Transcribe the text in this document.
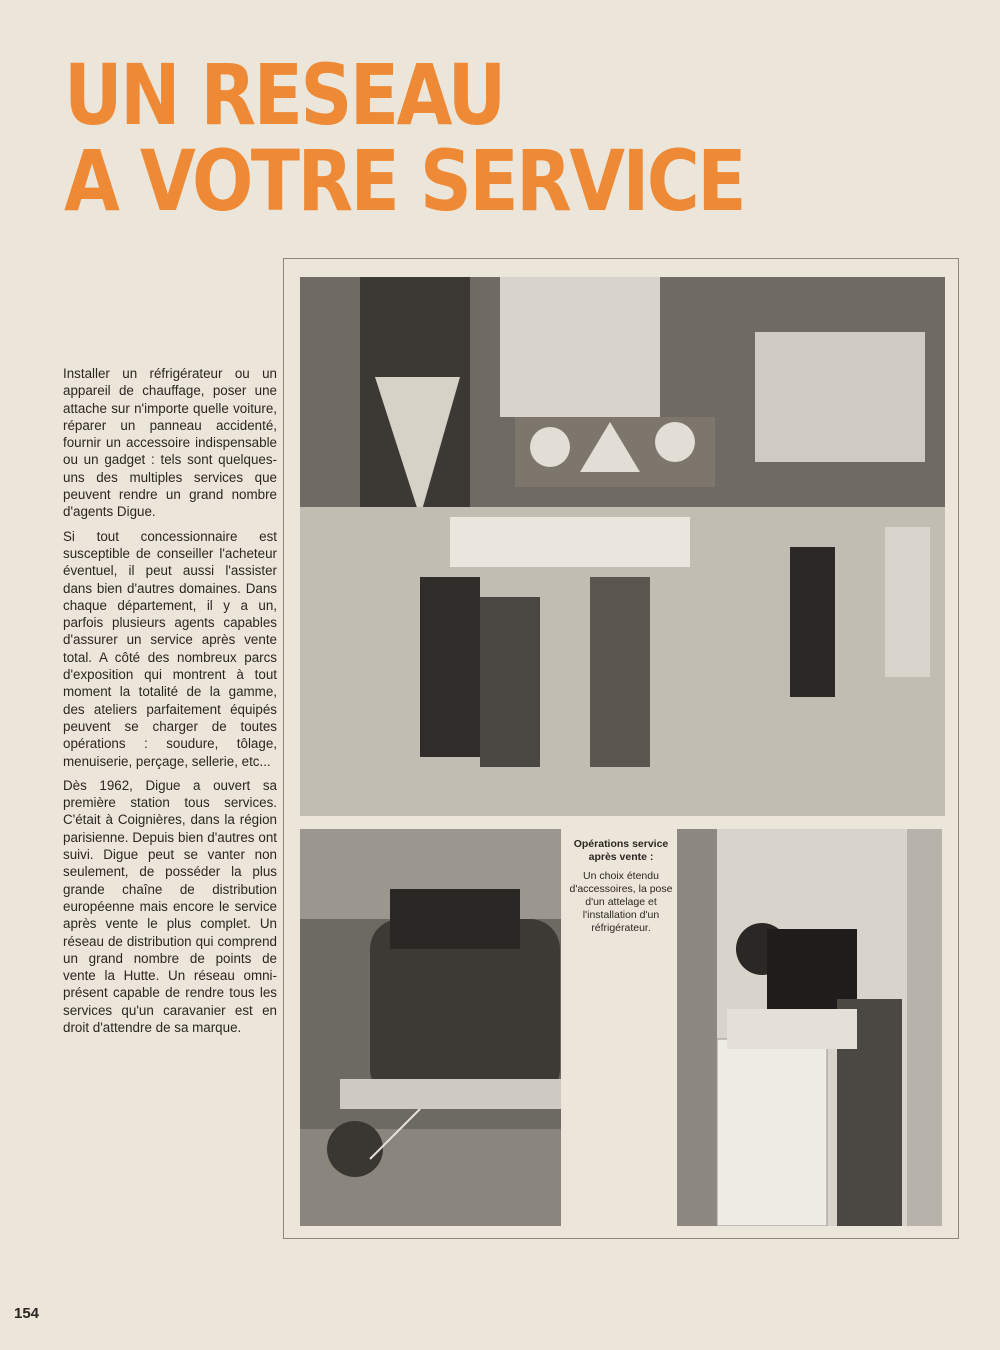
UN RESEAU
A VOTRE SERVICE

Installer un réfrigérateur ou un appareil de chauffage, poser une attache sur n'importe quelle voiture, réparer un panneau accidenté, fournir un accessoire indispensable ou un gadget : tels sont quelques-uns des multiples services que peuvent rendre un grand nombre d'agents Digue.

Si tout concessionnaire est susceptible de conseiller l'acheteur éventuel, il peut aussi l'assister dans bien d'autres domaines. Dans chaque département, il y a un, parfois plusieurs agents capables d'assurer un service après vente total. A côté des nombreux parcs d'exposition qui montrent à tout moment la totalité de la gamme, des ateliers parfaitement équipés peuvent se charger de toutes opérations : soudure, tôlage, menuiserie, perçage, sellerie, etc...

Dès 1962, Digue a ouvert sa première station tous services. C'était à Coignières, dans la région parisienne. Depuis bien d'autres ont suivi. Digue peut se vanter non seulement, de posséder la plus grande chaîne de distribution européenne mais encore le service après vente le plus complet. Un réseau de distribution qui comprend un grand nombre de points de vente la Hutte. Un réseau omni-présent capable de rendre tous les services qu'un caravanier est en droit d'attendre de sa marque.

Opérations service après vente :
Un choix étendu d'accessoires, la pose d'un attelage et l'installation d'un réfrigérateur.
154
